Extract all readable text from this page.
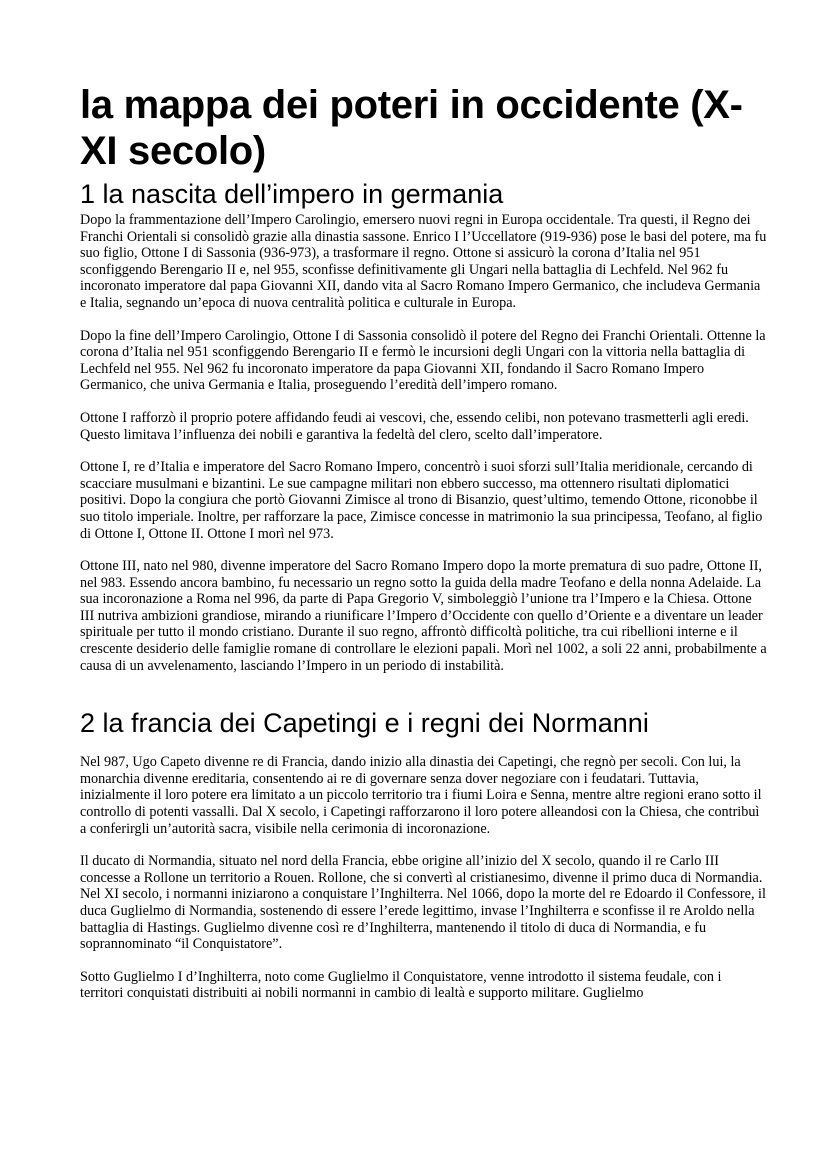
la mappa dei poteri in occidente (X-XI secolo)
1 la nascita dell’impero in germania

Dopo la frammentazione dell’Impero Carolingio, emersero nuovi regni in Europa occidentale. Tra questi, il Regno dei Franchi Orientali si consolidò grazie alla dinastia sassone. Enrico I l’Uccellatore (919-936) pose le basi del potere, ma fu suo figlio, Ottone I di Sassonia (936-973), a trasformare il regno. Ottone si assicurò la corona d’Italia nel 951 sconfiggendo Berengario II e, nel 955, sconfisse definitivamente gli Ungari nella battaglia di Lechfeld. Nel 962 fu incoronato imperatore dal papa Giovanni XII, dando vita al Sacro Romano Impero Germanico, che includeva Germania e Italia, segnando un’epoca di nuova centralità politica e culturale in Europa.

Dopo la fine dell’Impero Carolingio, Ottone I di Sassonia consolidò il potere del Regno dei Franchi Orientali. Ottenne la corona d’Italia nel 951 sconfiggendo Berengario II e fermò le incursioni degli Ungari con la vittoria nella battaglia di Lechfeld nel 955. Nel 962 fu incoronato imperatore da papa Giovanni XII, fondando il Sacro Romano Impero Germanico, che univa Germania e Italia, proseguendo l’eredità dell’impero romano.

Ottone I rafforzò il proprio potere affidando feudi ai vescovi, che, essendo celibi, non potevano trasmetterli agli eredi. Questo limitava l’influenza dei nobili e garantiva la fedeltà del clero, scelto dall’imperatore.

Ottone I, re d’Italia e imperatore del Sacro Romano Impero, concentrò i suoi sforzi sull’Italia meridionale, cercando di scacciare musulmani e bizantini. Le sue campagne militari non ebbero successo, ma ottennero risultati diplomatici positivi. Dopo la congiura che portò Giovanni Zimisce al trono di Bisanzio, quest’ultimo, temendo Ottone, riconobbe il suo titolo imperiale. Inoltre, per rafforzare la pace, Zimisce concesse in matrimonio la sua principessa, Teofano, al figlio di Ottone I, Ottone II. Ottone I morì nel 973.

Ottone III, nato nel 980, divenne imperatore del Sacro Romano Impero dopo la morte prematura di suo padre, Ottone II, nel 983. Essendo ancora bambino, fu necessario un regno sotto la guida della madre Teofano e della nonna Adelaide. La sua incoronazione a Roma nel 996, da parte di Papa Gregorio V, simboleggiò l’unione tra l’Impero e la Chiesa. Ottone III nutriva ambizioni grandiose, mirando a riunificare l’Impero d’Occidente con quello d’Oriente e a diventare un leader spirituale per tutto il mondo cristiano. Durante il suo regno, affrontò difficoltà politiche, tra cui ribellioni interne e il crescente desiderio delle famiglie romane di controllare le elezioni papali. Morì nel 1002, a soli 22 anni, probabilmente a causa di un avvelenamento, lasciando l’Impero in un periodo di instabilità.

2 la francia dei Capetingi e i regni dei Normanni

Nel 987, Ugo Capeto divenne re di Francia, dando inizio alla dinastia dei Capetingi, che regnò per secoli. Con lui, la monarchia divenne ereditaria, consentendo ai re di governare senza dover negoziare con i feudatari. Tuttavia, inizialmente il loro potere era limitato a un piccolo territorio tra i fiumi Loira e Senna, mentre altre regioni erano sotto il controllo di potenti vassalli. Dal X secolo, i Capetingi rafforzarono il loro potere alleandosi con la Chiesa, che contribuì a conferirgli un’autorità sacra, visibile nella cerimonia di incoronazione.

Il ducato di Normandia, situato nel nord della Francia, ebbe origine all’inizio del X secolo, quando il re Carlo III concesse a Rollone un territorio a Rouen. Rollone, che si convertì al cristianesimo, divenne il primo duca di Normandia. Nel XI secolo, i normanni iniziarono a conquistare l’Inghilterra. Nel 1066, dopo la morte del re Edoardo il Confessore, il duca Guglielmo di Normandia, sostenendo di essere l’erede legittimo, invase l’Inghilterra e sconfisse il re Aroldo nella battaglia di Hastings. Guglielmo divenne così re d’Inghilterra, mantenendo il titolo di duca di Normandia, e fu soprannominato “il Conquistatore”.

Sotto Guglielmo I d’Inghilterra, noto come Guglielmo il Conquistatore, venne introdotto il sistema feudale, con i territori conquistati distribuiti ai nobili normanni in cambio di lealtà e supporto militare. Guglielmo
